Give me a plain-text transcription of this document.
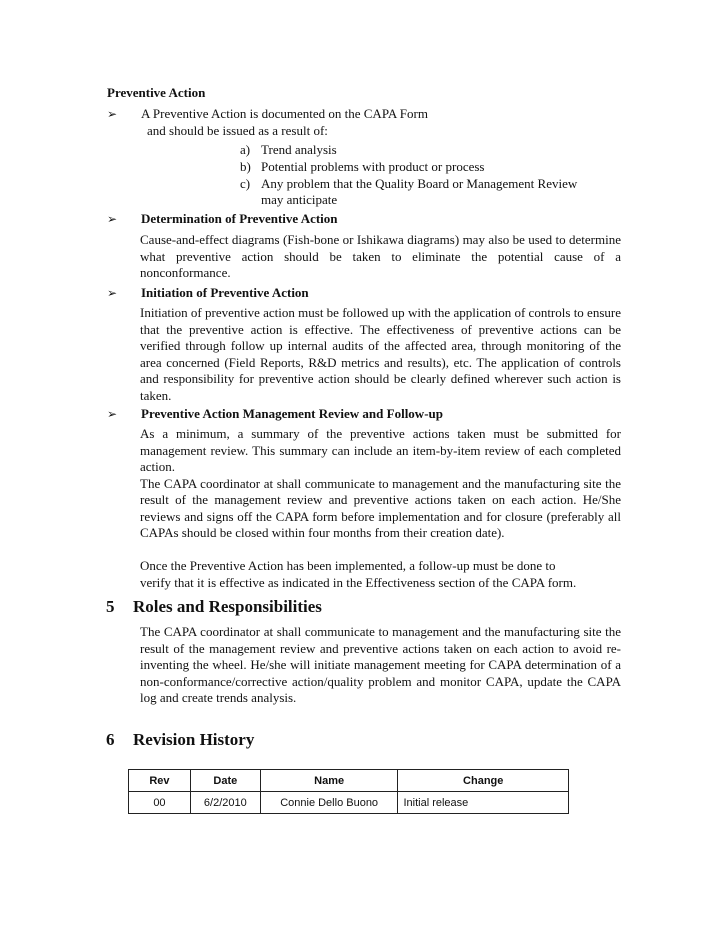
Preventive Action
➢ A Preventive Action is documented on the CAPA Form
and should be issued as a result of:
a) Trend analysis
b) Potential problems with product or process
c) Any problem that the Quality Board or Management Review
may anticipate
➢ Determination of Preventive Action

Cause-and-effect diagrams (Fish-bone or Ishikawa diagrams) may also be used to determine what preventive action should be taken to eliminate the potential cause of a nonconformance.

➢ Initiation of Preventive Action

Initiation of preventive action must be followed up with the application of controls to ensure that the preventive action is effective. The effectiveness of preventive actions can be verified through follow up internal audits of the affected area, through monitoring of the area concerned (Field Reports, R&D metrics and results), etc. The application of controls and responsibility for preventive action should be clearly defined wherever such action is taken.

➢ Preventive Action Management Review and Follow-up

As a minimum, a summary of the preventive actions taken must be submitted for management review. This summary can include an item-by-item review of each completed action.

The CAPA coordinator at shall communicate to management and the manufacturing site the result of the management review and preventive actions taken on each action. He/She reviews and signs off the CAPA form before implementation and for closure (preferably all CAPAs should be closed within four months from their creation date).

Once the Preventive Action has been implemented, a follow-up must be done to
verify that it is effective as indicated in the Effectiveness section of the CAPA form.
5 Roles and Responsibilities

The CAPA coordinator at shall communicate to management and the manufacturing site the result of the management review and preventive actions taken on each action to avoid re-inventing the wheel. He/she will initiate management meeting for CAPA determination of a non-conformance/corrective action/quality problem and monitor CAPA, update the CAPA log and create trends analysis.

6 Revision History
Rev	Date	Name	Change
00	6/2/2010	Connie Dello Buono	Initial release
